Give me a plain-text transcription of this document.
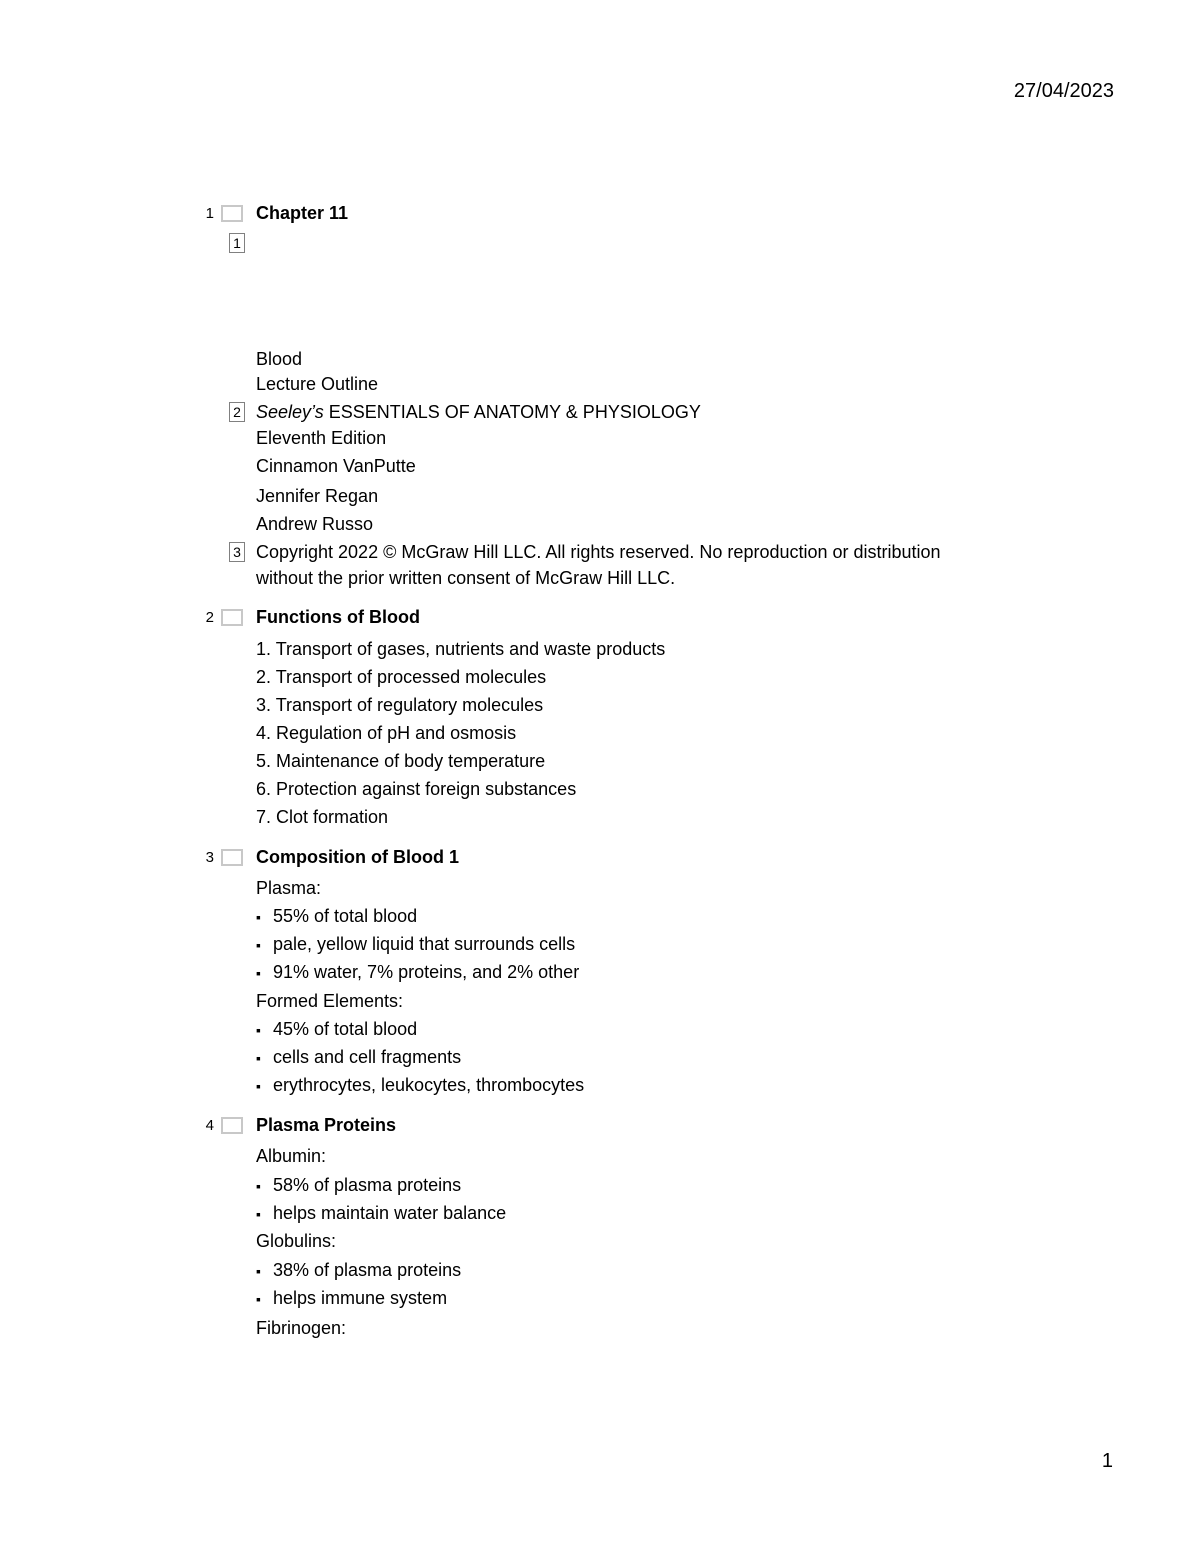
27/04/2023
1 Chapter 11
1
Blood
Lecture Outline
2 Seeley’s ESSENTIALS OF ANATOMY & PHYSIOLOGY
Eleventh Edition
Cinnamon VanPutte
Jennifer Regan
Andrew Russo
3 Copyright 2022 © McGraw Hill LLC. All rights reserved. No reproduction or distribution
without the prior written consent of McGraw Hill LLC.
2 Functions of Blood
1. Transport of gases, nutrients and waste products
2. Transport of processed molecules
3. Transport of regulatory molecules
4. Regulation of pH and osmosis
5. Maintenance of body temperature
6. Protection against foreign substances
7. Clot formation
3 Composition of Blood 1
Plasma:
▪ 55% of total blood
▪ pale, yellow liquid that surrounds cells
▪ 91% water, 7% proteins, and 2% other
Formed Elements:
▪ 45% of total blood
▪ cells and cell fragments
▪ erythrocytes, leukocytes, thrombocytes
4 Plasma Proteins
Albumin:
▪ 58% of plasma proteins
▪ helps maintain water balance
Globulins:
▪ 38% of plasma proteins
▪ helps immune system
Fibrinogen:
1
